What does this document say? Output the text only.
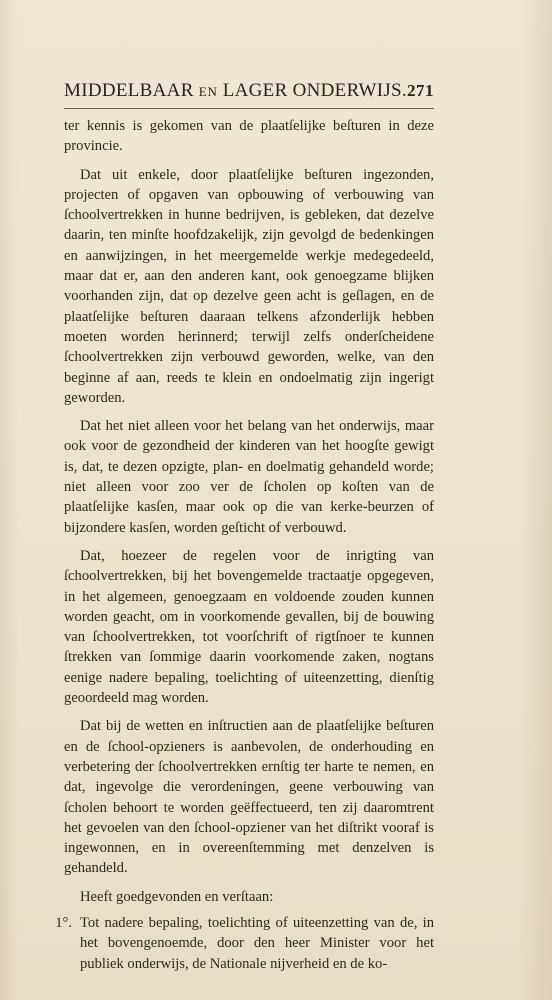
MIDDELBAAR EN LAGER ONDERWIJS. 271

ter kennis is gekomen van de plaatſelijke beſturen in deze provincie.

Dat uit enkele, door plaatſelijke beſturen ingezonden, projecten of opgaven van opbouwing of verbouwing van ſchoolvertrekken in hunne bedrijven, is gebleken, dat dezelve daarin, ten minſte hoofdzakelijk, zijn gevolgd de bedenkingen en aanwijzingen, in het meergemelde werkje medegedeeld, maar dat er, aan den anderen kant, ook genoegzame blijken voorhanden zijn, dat op dezelve geen acht is geſlagen, en de plaatſelijke beſturen daaraan telkens afzonderlijk hebben moeten worden herinnerd; terwijl zelfs onderſcheidene ſchoolvertrekken zijn verbouwd geworden, welke, van den beginne af aan, reeds te klein en ondoelmatig zijn ingerigt geworden.

Dat het niet alleen voor het belang van het onderwijs, maar ook voor de gezondheid der kinderen van het hoogſte gewigt is, dat, te dezen opzigte, plan- en doelmatig gehandeld worde; niet alleen voor zoo ver de ſcholen op koſten van de plaatſelijke kasſen, maar ook op die van kerke-beurzen of bijzondere kasſen, worden geſticht of verbouwd.

Dat, hoezeer de regelen voor de inrigting van ſchoolvertrekken, bij het bovengemelde tractaatje opgegeven, in het algemeen, genoegzaam en voldoende zouden kunnen worden geacht, om in voorkomende gevallen, bij de bouwing van ſchoolvertrekken, tot voorſchrift of rigtſnoer te kunnen ſtrekken van ſommige daarin voorkomende zaken, nogtans eenige nadere bepaling, toelichting of uiteenzetting, dienſtig geoordeeld mag worden.

Dat bij de wetten en inſtructien aan de plaatſelijke beſturen en de ſchool-opzieners is aanbevolen, de onderhouding en verbetering der ſchoolvertrekken ernſtig ter harte te nemen, en dat, ingevolge die verordeningen, geene verbouwing van ſcholen behoort te worden geëffectueerd, ten zij daaromtrent het gevoelen van den ſchool-opziener van het diſtrikt vooraf is ingewonnen, en in overeenſtemming met denzelven is gehandeld.

Heeft goedgevonden en verſtaan:

1°. Tot nadere bepaling, toelichting of uiteenzetting van de, in het bovengenoemde, door den heer Minister voor het publiek onderwijs, de Nationale nijverheid en de ko-
